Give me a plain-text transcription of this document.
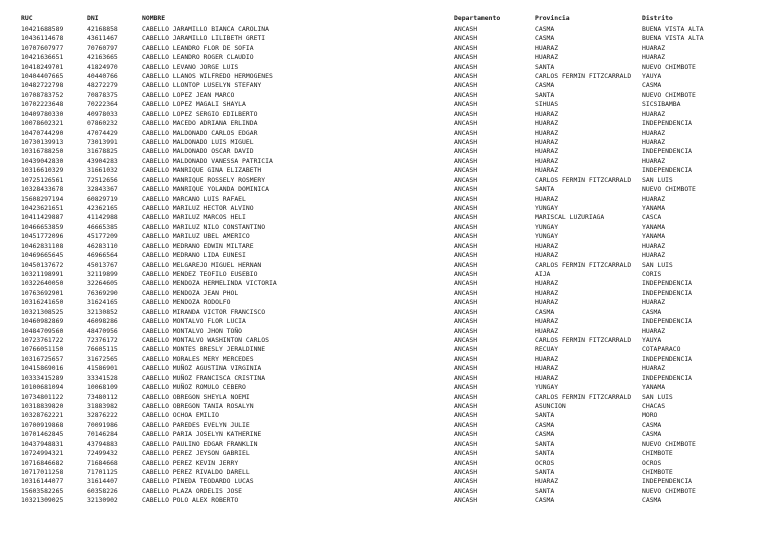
RUC	DNI	NOMBRE	Departamento	Provincia	Distrito
10421688589	42168858	CABELLO JARAMILLO BIANCA CAROLINA	ANCASH	CASMA	BUENA VISTA ALTA
10436114678	43611467	CABELLO JARAMILLO LILIBETH GRETI	ANCASH	CASMA	BUENA VISTA ALTA
10707607977	70760797	CABELLO LEANDRO FLOR DE SOFIA	ANCASH	HUARAZ	HUARAZ
10421636651	42163665	CABELLO LEANDRO ROGER CLAUDIO	ANCASH	HUARAZ	HUARAZ
10418249701	41824970	CABELLO LEVANO JORGE LUIS	ANCASH	SANTA	NUEVO CHIMBOTE
10404407665	40440766	CABELLO LLANOS WILFREDO HERMOGENES	ANCASH	CARLOS FERMIN FITZCARRALD	YAUYA
10482722798	48272279	CABELLO LLONTOP LUSELYN STEFANY	ANCASH	CASMA	CASMA
10708783752	70878375	CABELLO LOPEZ JEAN MARCO	ANCASH	SANTA	NUEVO CHIMBOTE
10702223648	70222364	CABELLO LOPEZ MAGALI SHAYLA	ANCASH	SIHUAS	SICSIBAMBA
10409780330	40978033	CABELLO LOPEZ SERGIO EDILBERTO	ANCASH	HUARAZ	HUARAZ
10078602321	07860232	CABELLO MACEDO ADRIANA ERLINDA	ANCASH	HUARAZ	INDEPENDENCIA
10470744290	47074429	CABELLO MALDONADO CARLOS EDGAR	ANCASH	HUARAZ	HUARAZ
10730139913	73013991	CABELLO MALDONADO LUIS MIGUEL	ANCASH	HUARAZ	HUARAZ
10316788250	31678825	CABELLO MALDONADO OSCAR DAVID	ANCASH	HUARAZ	INDEPENDENCIA
10439042830	43904283	CABELLO MALDONADO VANESSA PATRICIA	ANCASH	HUARAZ	HUARAZ
10316610329	31661032	CABELLO MANRIQUE GINA ELIZABETH	ANCASH	HUARAZ	INDEPENDENCIA
10725126561	72512656	CABELLO MANRIQUE ROSSELY ROSMERY	ANCASH	CARLOS FERMIN FITZCARRALD	SAN LUIS
10328433678	32843367	CABELLO MANRIQUE YOLANDA DOMINICA	ANCASH	SANTA	NUEVO CHIMBOTE
15608297194	60829719	CABELLO MARCANO LUIS RAFAEL	ANCASH	HUARAZ	HUARAZ
10423621651	42362165	CABELLO MARILUZ HECTOR ALVINO	ANCASH	YUNGAY	YANAMA
10411429887	41142988	CABELLO MARILUZ MARCOS HELI	ANCASH	MARISCAL LUZURIAGA	CASCA
10466653859	46665385	CABELLO MARILUZ NILO CONSTANTINO	ANCASH	YUNGAY	YANAMA
10451772096	45177209	CABELLO MARILUZ UBEL AMERICO	ANCASH	YUNGAY	YANAMA
10462831108	46283110	CABELLO MEDRANO EDWIN MILTARE	ANCASH	HUARAZ	HUARAZ
10469665645	46966564	CABELLO MEDRANO LIDA EUNESI	ANCASH	HUARAZ	HUARAZ
10450137672	45013767	CABELLO MELGAREJO MIGUEL HERNAN	ANCASH	CARLOS FERMIN FITZCARRALD	SAN LUIS
10321198991	32119899	CABELLO MENDEZ TEOFILO EUSEBIO	ANCASH	AIJA	CORIS
10322640050	32264605	CABELLO MENDOZA HERMELINDA VICTORIA	ANCASH	HUARAZ	INDEPENDENCIA
10763692901	76369290	CABELLO MENDOZA JEAN PHOL	ANCASH	HUARAZ	INDEPENDENCIA
10316241650	31624165	CABELLO MENDOZA RODOLFO	ANCASH	HUARAZ	HUARAZ
10321308525	32130852	CABELLO MIRANDA VICTOR FRANCISCO	ANCASH	CASMA	CASMA
10460982869	46098286	CABELLO MONTALVO FLOR LUCIA	ANCASH	HUARAZ	INDEPENDENCIA
10484709560	48470956	CABELLO MONTALVO JHON TOÑO	ANCASH	HUARAZ	HUARAZ
10723761722	72376172	CABELLO MONTALVO WASHINTON CARLOS	ANCASH	CARLOS FERMIN FITZCARRALD	YAUYA
10766051150	76605115	CABELLO MONTES BRESLY JERALDINNE	ANCASH	RECUAY	COTAPARACO
10316725657	31672565	CABELLO MORALES MERY MERCEDES	ANCASH	HUARAZ	INDEPENDENCIA
10415869016	41586901	CABELLO MUÑOZ AGUSTINA VIRGINIA	ANCASH	HUARAZ	HUARAZ
10333415289	33341528	CABELLO MUÑOZ FRANCISCA CRISTINA	ANCASH	HUARAZ	INDEPENDENCIA
10100681094	10068109	CABELLO MUÑOZ ROMULO CEBERO	ANCASH	YUNGAY	YANAMA
10734801122	73480112	CABELLO OBREGON SHEYLA NOEMI	ANCASH	CARLOS FERMIN FITZCARRALD	SAN LUIS
10318839820	31883982	CABELLO OBREGON TANIA ROSALYN	ANCASH	ASUNCION	CHACAS
10328762221	32876222	CABELLO OCHOA EMILIO	ANCASH	SANTA	MORO
10700919868	70091986	CABELLO PAREDES EVELYN JULIE	ANCASH	CASMA	CASMA
10701462845	70146284	CABELLO PARIA JOSELYN KATHERINE	ANCASH	CASMA	CASMA
10437948831	43794883	CABELLO PAULINO EDGAR FRANKLIN	ANCASH	SANTA	NUEVO CHIMBOTE
10724994321	72499432	CABELLO PEREZ JEYSON GABRIEL	ANCASH	SANTA	CHIMBOTE
10716846682	71684668	CABELLO PEREZ KEVIN JERRY	ANCASH	OCROS	OCROS
10717011258	71701125	CABELLO PEREZ RIVALDO DARELL	ANCASH	SANTA	CHIMBOTE
10316144077	31614407	CABELLO PINEDA TEODARDO LUCAS	ANCASH	HUARAZ	INDEPENDENCIA
15603582265	60358226	CABELLO PLAZA ORDELIS JOSE	ANCASH	SANTA	NUEVO CHIMBOTE
10321309025	32130902	CABELLO POLO ALEX ROBERTO	ANCASH	CASMA	CASMA
